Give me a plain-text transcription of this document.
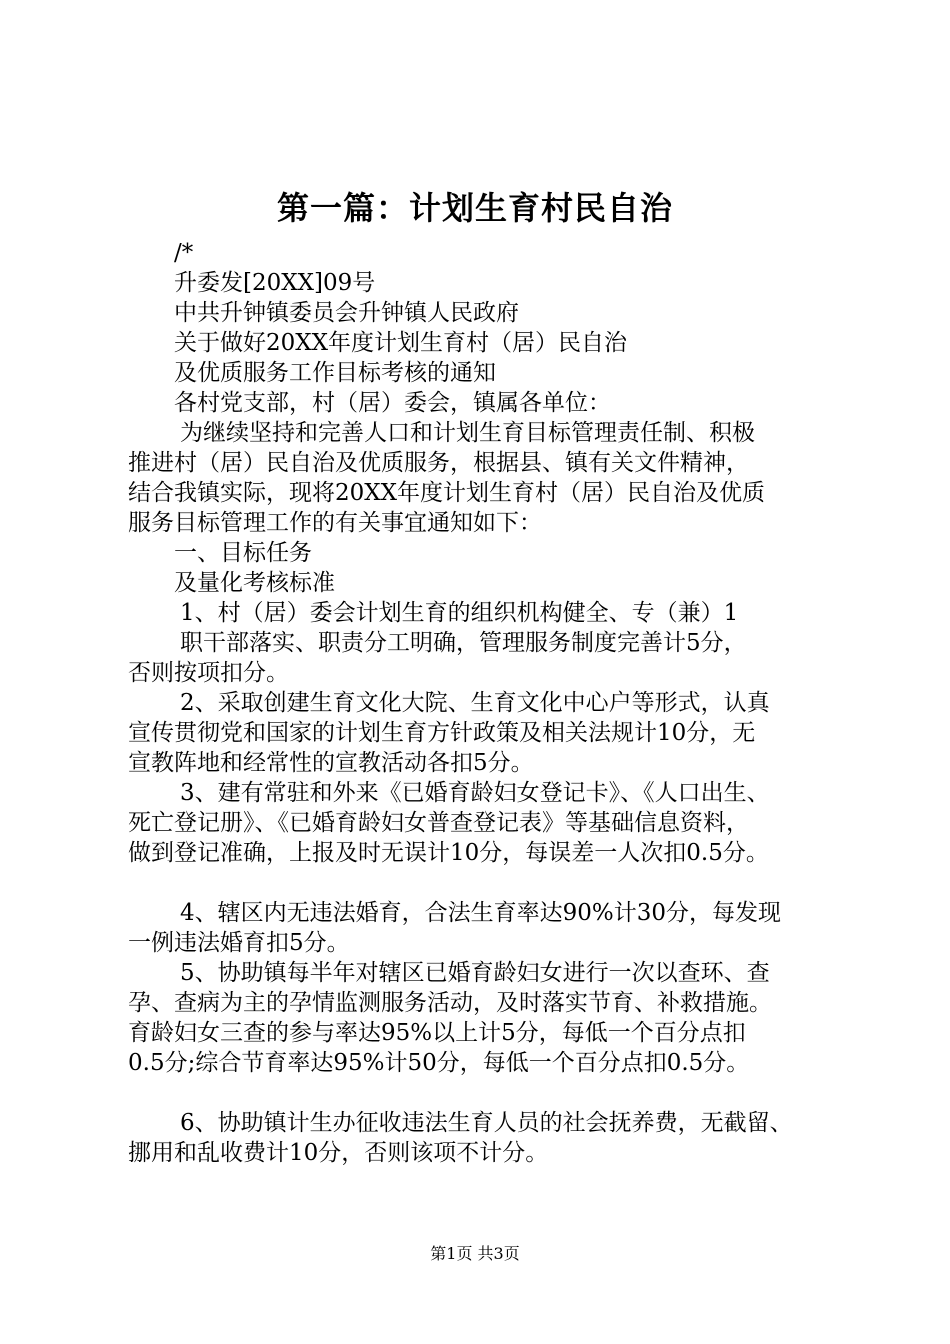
第一篇：计划生育村民自治
/*
升委发[20XX]09号
中共升钟镇委员会升钟镇人民政府
关于做好20XX年度计划生育村（居）民自治
及优质服务工作目标考核的通知
各村党支部，村（居）委会，镇属各单位：
为继续坚持和完善人口和计划生育目标管理责任制、积极
推进村（居）民自治及优质服务，根据县、镇有关文件精神，
结合我镇实际，现将20XX年度计划生育村（居）民自治及优质
服务目标管理工作的有关事宜通知如下：
一、目标任务
及量化考核标准
1、村（居）委会计划生育的组织机构健全、专（兼）1
职干部落实、职责分工明确，管理服务制度完善计5分，
否则按项扣分。
2、采取创建生育文化大院、生育文化中心户等形式，认真
宣传贯彻党和国家的计划生育方针政策及相关法规计10分，无
宣教阵地和经常性的宣教活动各扣5分。
3、建有常驻和外来《已婚育龄妇女登记卡》、《人口出生、
死亡登记册》、《已婚育龄妇女普查登记表》等基础信息资料，
做到登记准确，上报及时无误计10分，每误差一人次扣0.5分。
4、辖区内无违法婚育，合法生育率达90%计30分，每发现
一例违法婚育扣5分。
5、协助镇每半年对辖区已婚育龄妇女进行一次以查环、查
孕、查病为主的孕情监测服务活动，及时落实节育、补救措施。
育龄妇女三查的参与率达95%以上计5分，每低一个百分点扣
0.5分;综合节育率达95%计50分，每低一个百分点扣0.5分。
6、协助镇计生办征收违法生育人员的社会抚养费，无截留、
挪用和乱收费计10分，否则该项不计分。
第1页 共3页
